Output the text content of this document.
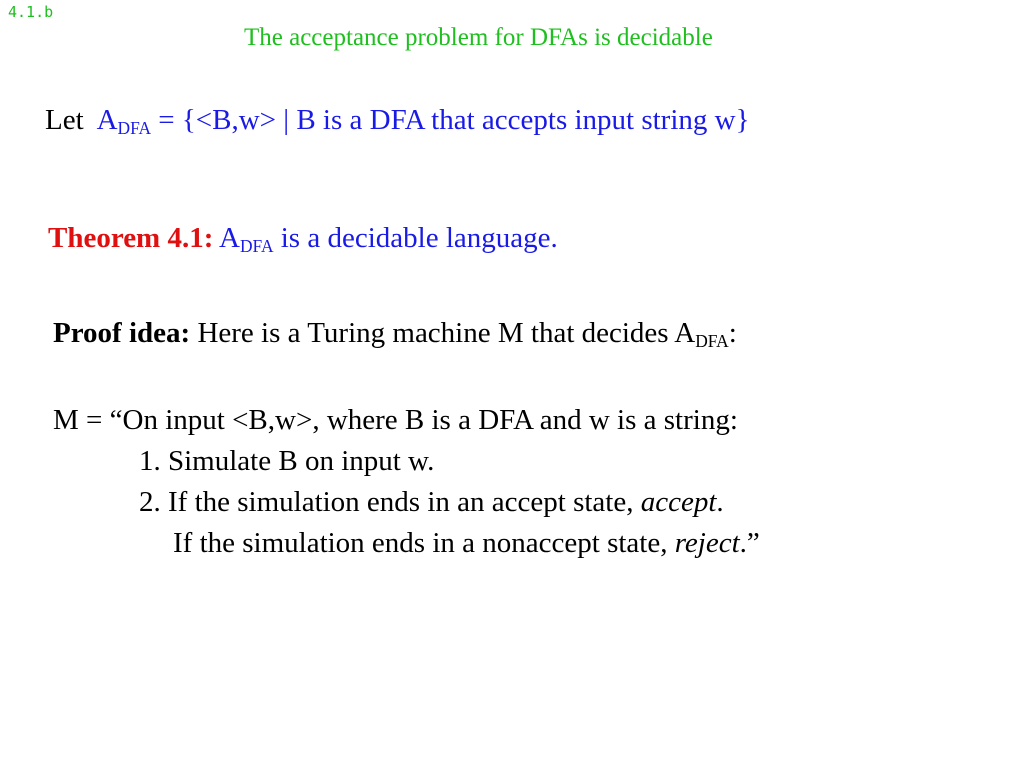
4.1.b
The acceptance problem for DFAs is decidable
Let $A_{DFA} = \{<B,w>$ | B is a DFA that accepts input string w}
Theorem 4.1: $A_{DFA}$ is a decidable language.
Proof idea: Here is a Turing machine M that decides $A_{DFA}$:
M = “On input <B,w>, where B is a DFA and w is a string:
1. Simulate B on input w.
2. If the simulation ends in an accept state, accept.
If the simulation ends in a nonaccept state, reject.”
